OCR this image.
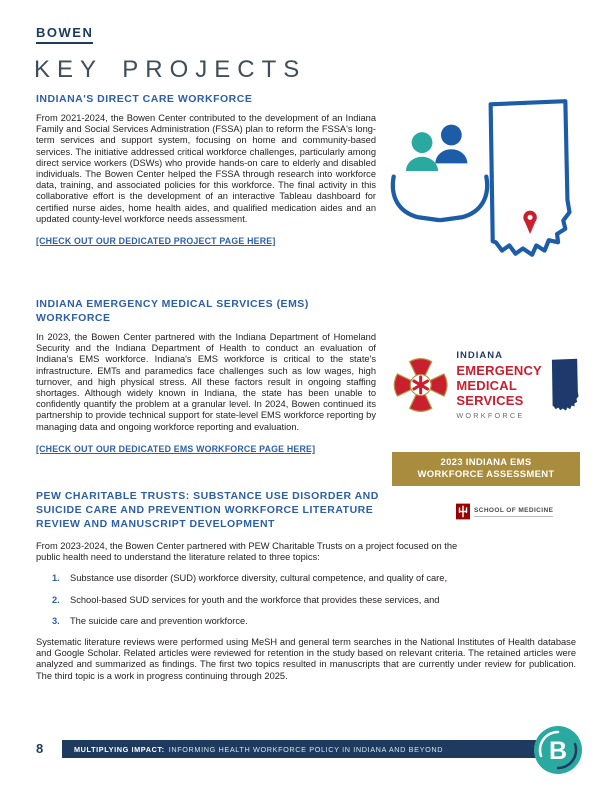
BOWEN
KEY PROJECTS
INDIANA'S DIRECT CARE WORKFORCE

From 2021-2024, the Bowen Center contributed to the development of an Indiana Family and Social Services Administration (FSSA) plan to reform the FSSA's long-term services and support system, focusing on home and community-based services. The initiative addressed critical workforce challenges, particularly among direct service workers (DSWs) who provide hands-on care to elderly and disabled individuals. The Bowen Center helped the FSSA through research into workforce data, training, and associated policies for this workforce. The final activity in this collaborative effort is the development of an interactive Tableau dashboard for certified nurse aides, home health aides, and qualified medication aides and an updated county-level workforce needs assessment.

[CHECK OUT OUR DEDICATED PROJECT PAGE HERE]
INDIANA EMERGENCY MEDICAL SERVICES (EMS) WORKFORCE

In 2023, the Bowen Center partnered with the Indiana Department of Homeland Security and the Indiana Department of Health to conduct an evaluation of Indiana's EMS workforce. Indiana's EMS workforce is critical to the state's infrastructure. EMTs and paramedics face challenges such as low wages, high turnover, and high physical stress. All these factors result in ongoing staffing shortages. Although widely known in Indiana, the state has been unable to confidently quantify the problem at a granular level. In 2024, Bowen continued its partnership to provide technical support for state-level EMS workforce reporting by managing data and ongoing workforce reporting and evaluation.

[CHECK OUT OUR DEDICATED EMS WORKFORCE PAGE HERE]
INDIANA
EMERGENCY
MEDICAL
SERVICES
WORKFORCE
2023 INDIANA EMS
WORKFORCE ASSESSMENT
PEW CHARITABLE TRUSTS: SUBSTANCE USE DISORDER AND SUICIDE CARE AND PREVENTION WORKFORCE LITERATURE REVIEW AND MANUSCRIPT DEVELOPMENT
SCHOOL OF MEDICINE

From 2023-2024, the Bowen Center partnered with PEW Charitable Trusts on a project focused on the public health need to understand the literature related to three topics:

1.	Substance use disorder (SUD) workforce diversity, cultural competence, and quality of care,
2.	School-based SUD services for youth and the workforce that provides these services, and
3.	The suicide care and prevention workforce.

Systematic literature reviews were performed using MeSH and general term searches in the National Institutes of Health database and Google Scholar. Related articles were reviewed for retention in the study based on relevant criteria. The retained articles were analyzed and summarized as findings. The first two topics resulted in manuscripts that are currently under review for publication. The third topic is a work in progress continuing through 2025.

8	MULTIPLYING IMPACT: INFORMING HEALTH WORKFORCE POLICY IN INDIANA AND BEYOND	B
